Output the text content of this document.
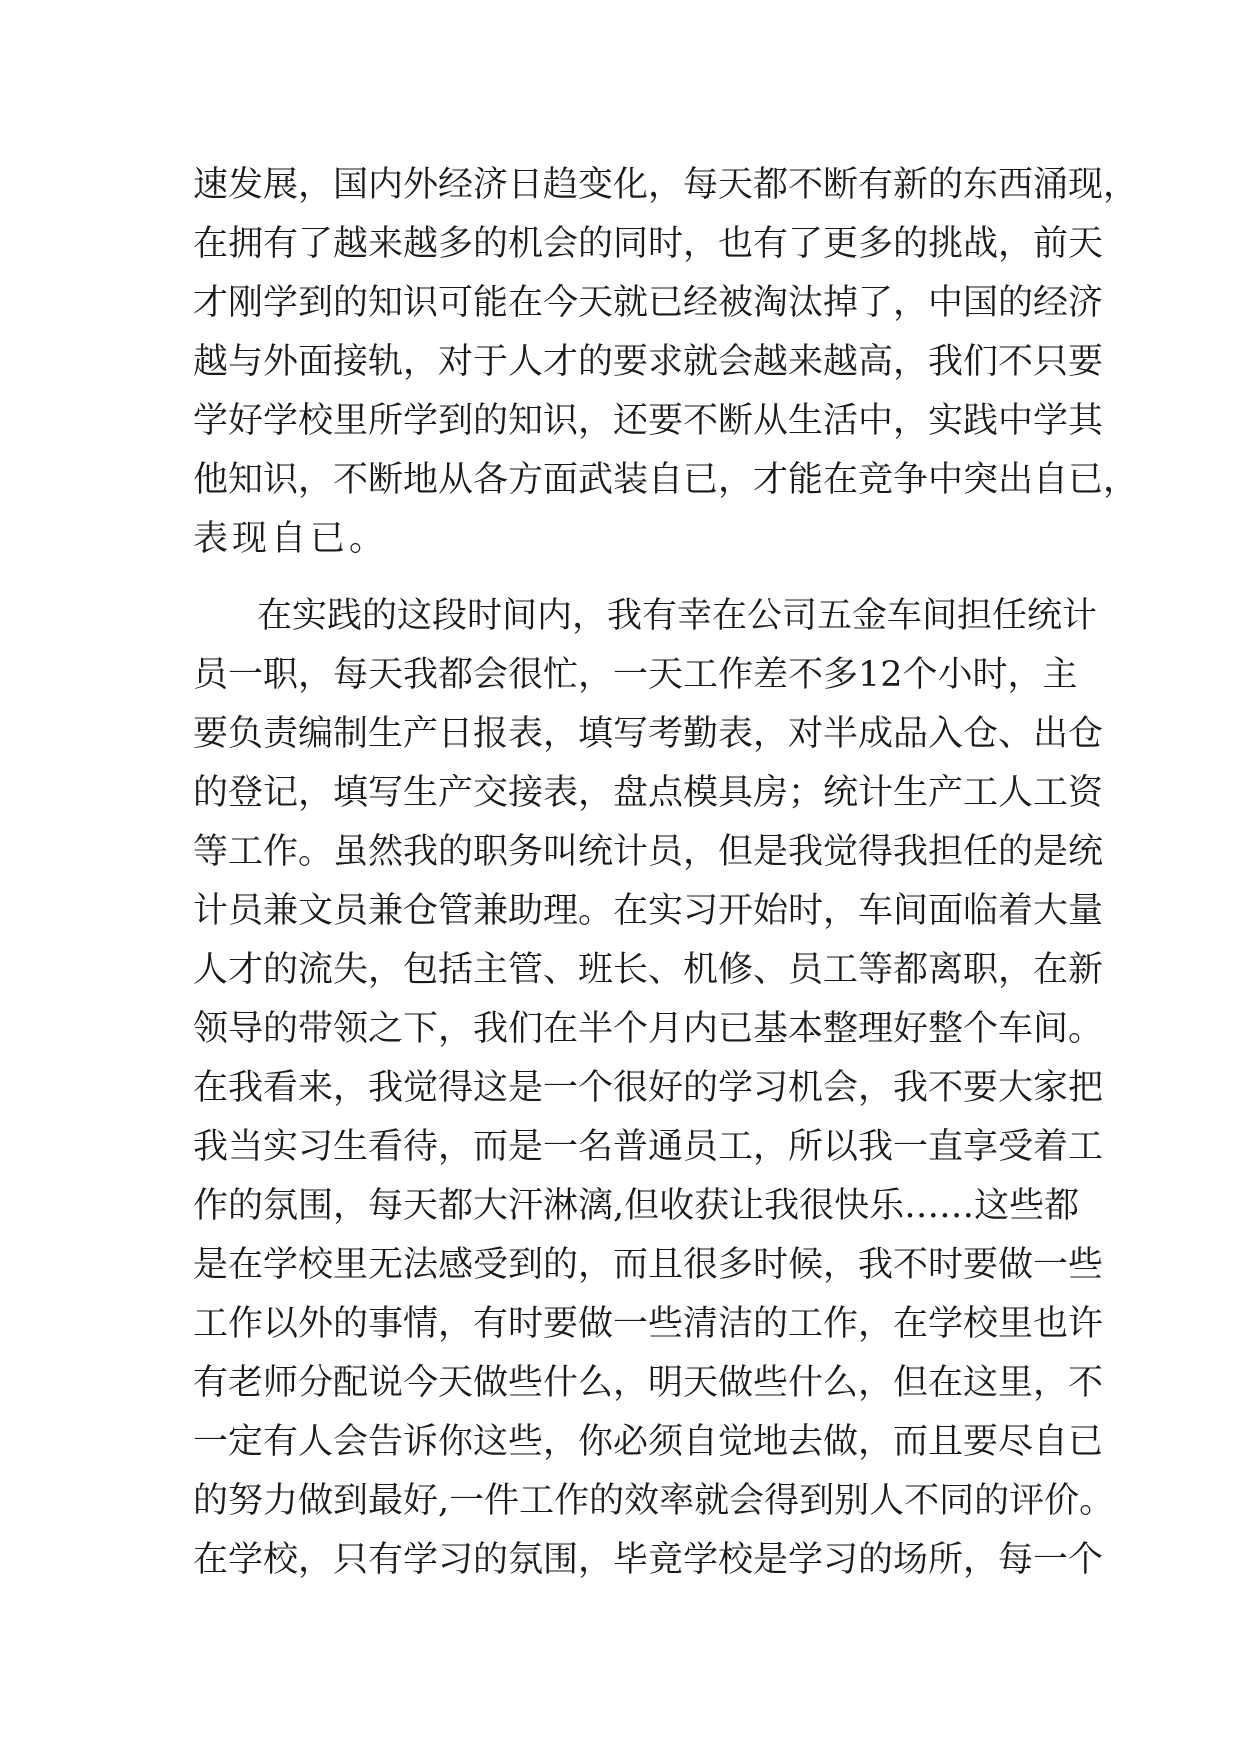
速发展，国内外经济日趋变化，每天都不断有新的东西涌现，
在拥有了越来越多的机会的同时，也有了更多的挑战，前天
才刚学到的知识可能在今天就已经被淘汰掉了，中国的经济
越与外面接轨，对于人才的要求就会越来越高，我们不只要
学好学校里所学到的知识，还要不断从生活中，实践中学其
他知识，不断地从各方面武装自已，才能在竞争中突出自已，
表现自已。
在实践的这段时间内，我有幸在公司五金车间担任统计
员一职，每天我都会很忙，一天工作差不多12个小时，主
要负责编制生产日报表，填写考勤表，对半成品入仓、出仓
的登记，填写生产交接表，盘点模具房；统计生产工人工资
等工作。虽然我的职务叫统计员，但是我觉得我担任的是统
计员兼文员兼仓管兼助理。在实习开始时，车间面临着大量
人才的流失，包括主管、班长、机修、员工等都离职，在新
领导的带领之下，我们在半个月内已基本整理好整个车间。
在我看来，我觉得这是一个很好的学习机会，我不要大家把
我当实习生看待，而是一名普通员工，所以我一直享受着工
作的氛围，每天都大汗淋漓,但收获让我很快乐……这些都
是在学校里无法感受到的，而且很多时候，我不时要做一些
工作以外的事情，有时要做一些清洁的工作，在学校里也许
有老师分配说今天做些什么，明天做些什么，但在这里，不
一定有人会告诉你这些，你必须自觉地去做，而且要尽自已
的努力做到最好,一件工作的效率就会得到别人不同的评价。
在学校，只有学习的氛围，毕竟学校是学习的场所，每一个
